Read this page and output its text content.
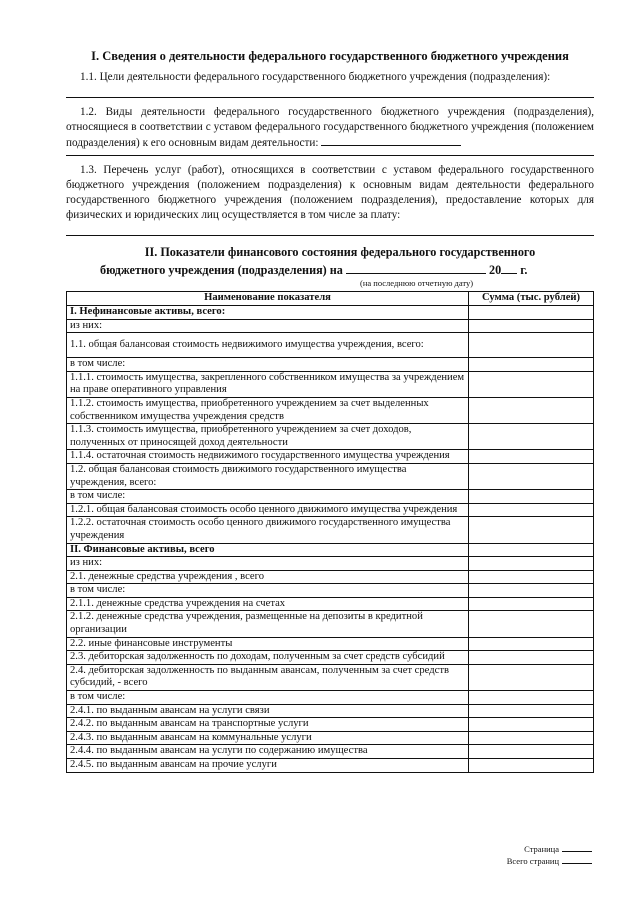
I. Сведения о деятельности федерального государственного бюджетного учреждения
1.1. Цели деятельности федерального государственного бюджетного учреждения (подразделения):
1.2. Виды деятельности федерального государственного бюджетного учреждения (подразделения), относящиеся в соответствии с уставом федерального государственного бюджетного учреждения (положением подразделения) к его основным видам деятельности:
1.3. Перечень услуг (работ), относящихся в соответствии с уставом федерального государственного бюджетного учреждения (положением подразделения) к основным видам деятельности федерального государственного бюджетного учреждения (положением подразделения), предоставление которых для физических и юридических лиц осуществляется в том числе за плату:
II. Показатели финансового состояния федерального государственного
бюджетного учреждения (подразделения) на	20 г.
(на последнюю отчетную дату)
Наименование показателя	Сумма (тыс. рублей)
I. Нефинансовые активы, всего:	
из них:	
1.1. общая балансовая стоимость недвижимого имущества учреждения, всего:	
в том числе:	
1.1.1. стоимость имущества, закрепленного собственником имущества за учреждением на праве оперативного управления	
1.1.2. стоимость имущества, приобретенного учреждением за счет выделенных собственником имущества учреждения средств	
1.1.3. стоимость имущества, приобретенного учреждением за счет доходов, полученных от приносящей доход деятельности	
1.1.4. остаточная стоимость недвижимого государственного имущества учреждения	
1.2. общая балансовая стоимость движимого государственного имущества учреждения, всего:	
в том числе:	
1.2.1. общая балансовая стоимость особо ценного движимого имущества учреждения	
1.2.2. остаточная стоимость особо ценного движимого государственного имущества учреждения	
II. Финансовые активы, всего	
из них:	
2.1. денежные средства учреждения , всего	
в том числе:	
2.1.1. денежные средства учреждения на счетах	
2.1.2. денежные средства учреждения, размещенные на депозиты в кредитной организации	
2.2. иные финансовые инструменты	
2.3. дебиторская задолженность по доходам, полученным за счет средств субсидий	
2.4. дебиторская задолженность по выданным авансам, полученным за счет средств субсидий, - всего	
в том числе:	
2.4.1. по выданным авансам на услуги связи	
2.4.2. по выданным авансам на транспортные услуги	
2.4.3. по выданным авансам на коммунальные услуги	
2.4.4. по выданным авансам на услуги по содержанию имущества	
2.4.5. по выданным авансам на прочие услуги	
Страница
Всего страниц
